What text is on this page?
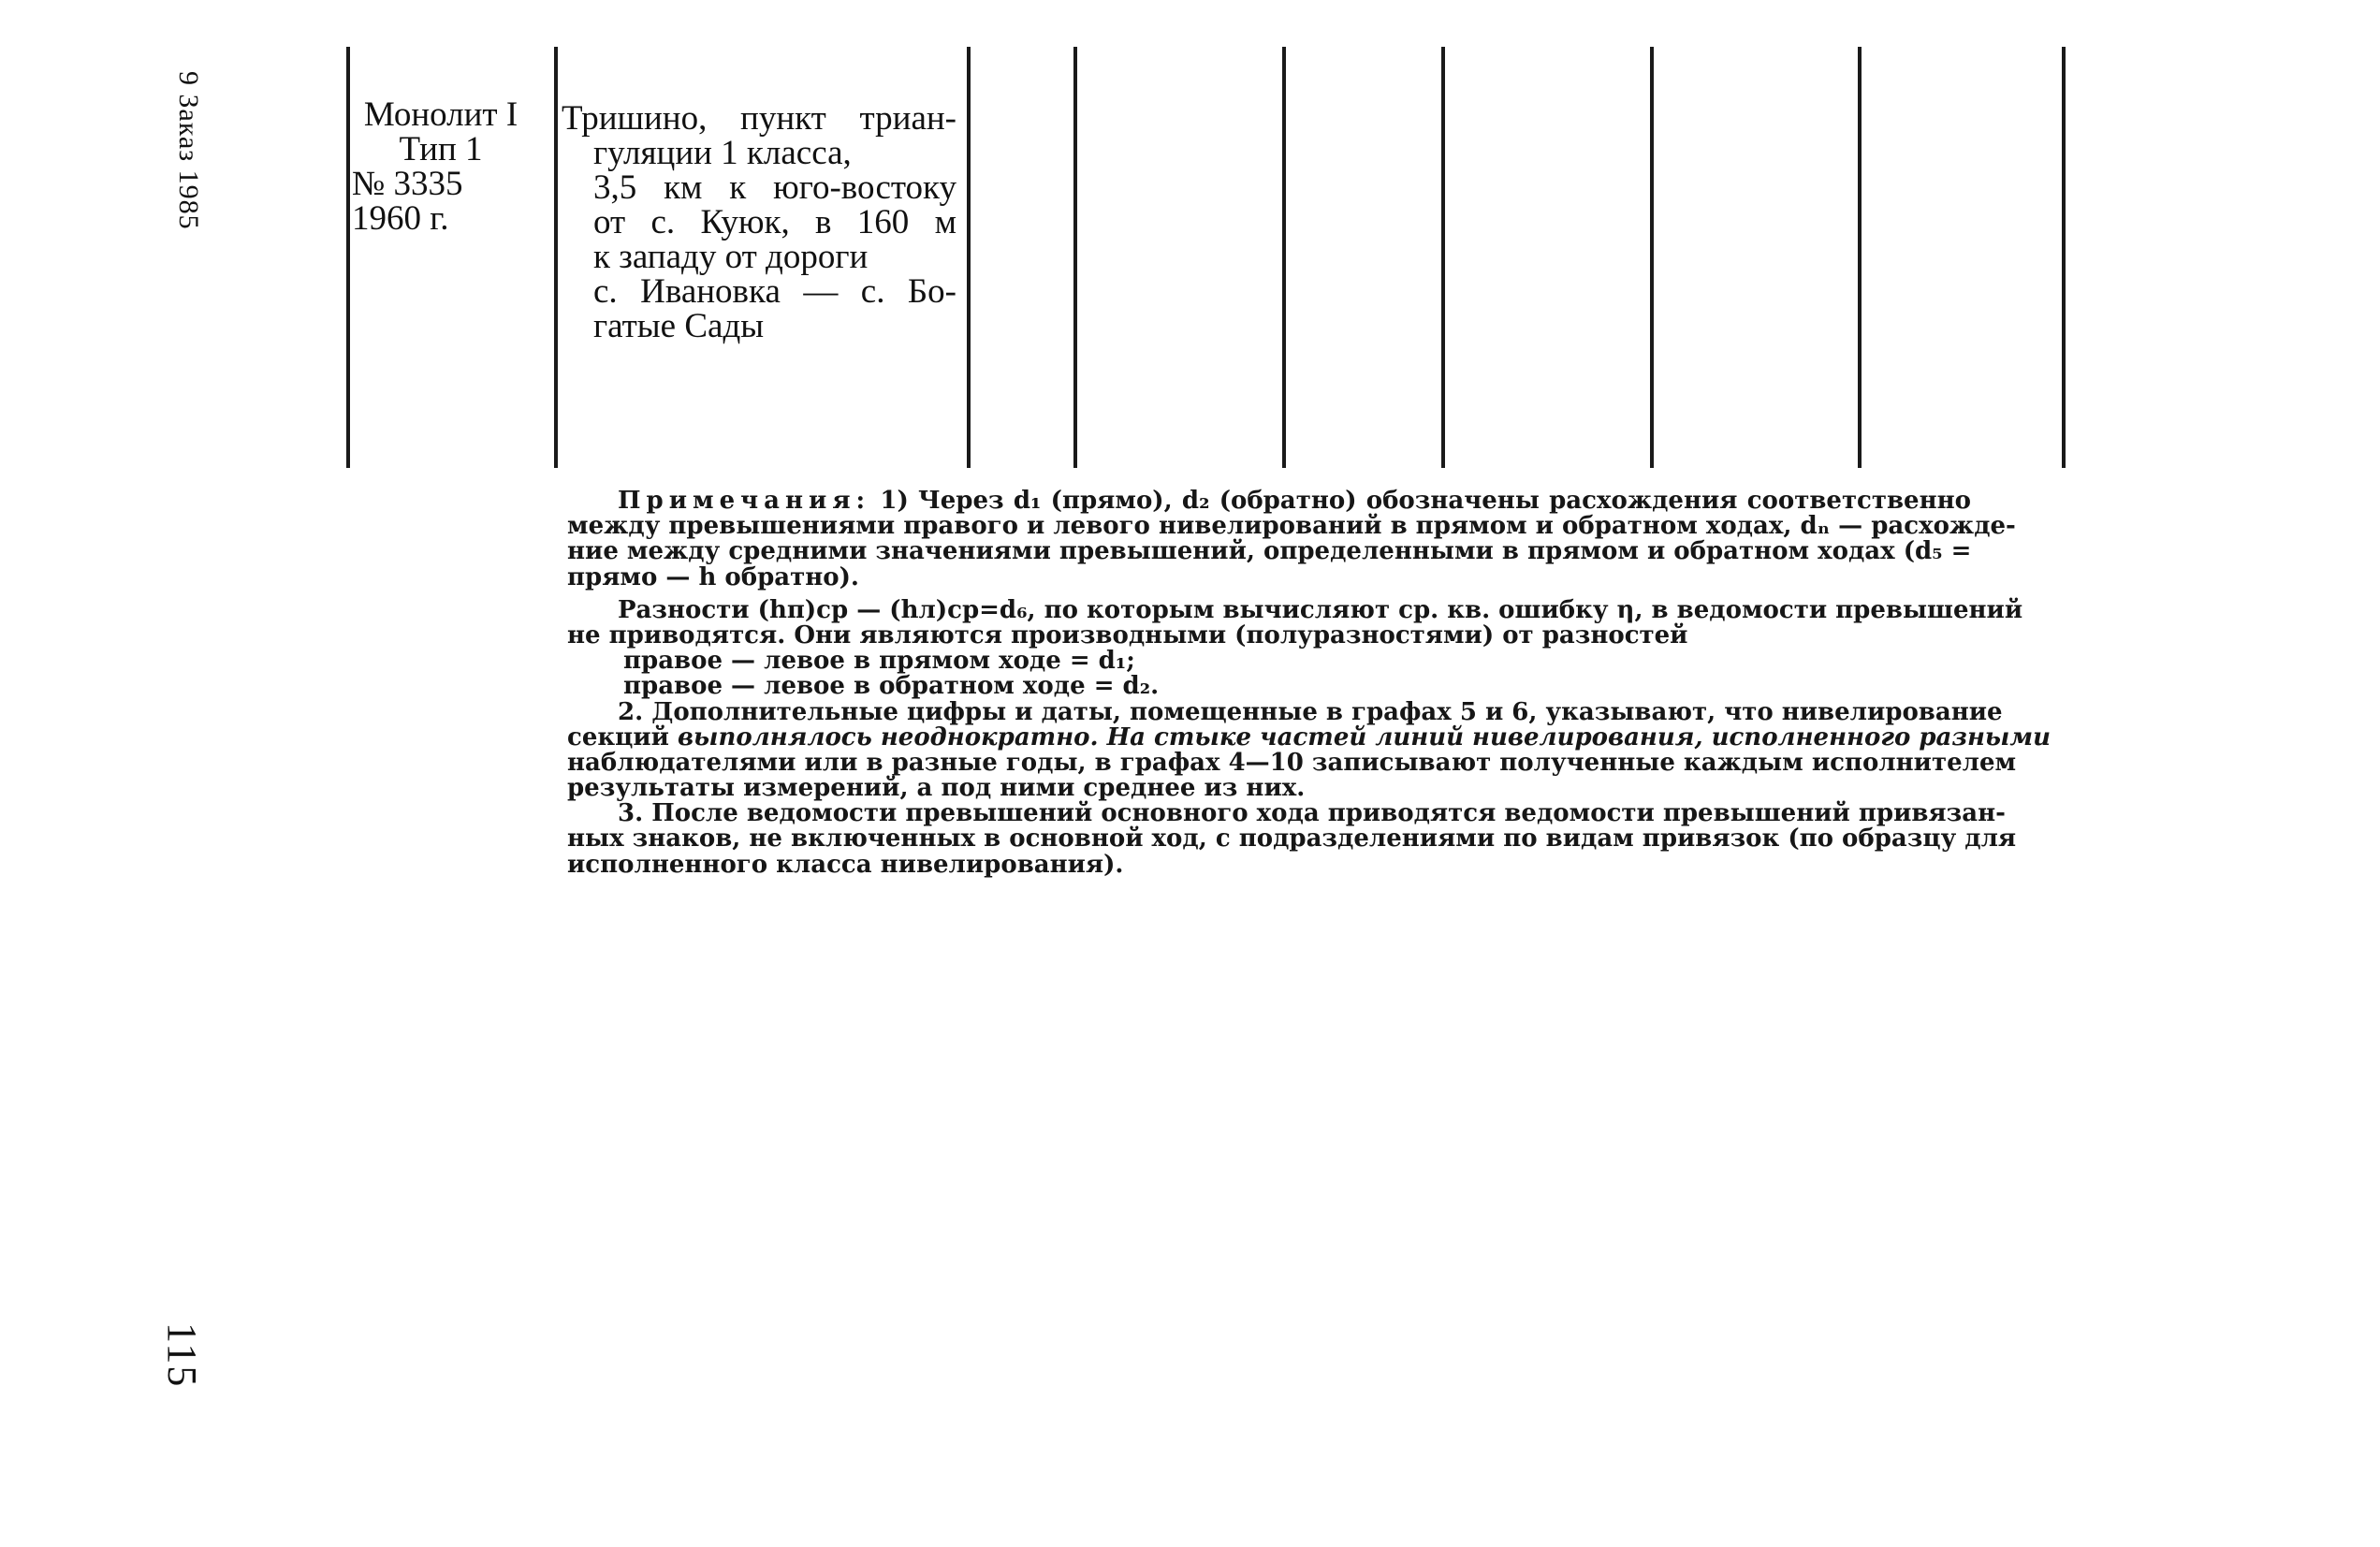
9 Заказ 1985
115
Монолит I
Тип 1
№ 3335
1960 г.
Тришино, пункт триан-
гуляции 1 класса,
3,5 км к юго-востоку
от с. Куюк, в 160 м
к западу от дороги
с. Ивановка — с. Бо-
гатые Сады
Примечания: 1) Через d₁ (прямо), d₂ (обратно) обозначены расхождения соответственно
между превышениями правого и левого нивелирований в прямом и обратном ходах, dₙ — расхожде-
ние между средними значениями превышений, определенными в прямом и обратном ходах (d₅ =
прямо — h обратно).
Разности (hп)ср — (hл)ср=d₆, по которым вычисляют ср. кв. ошибку η, в ведомости превышений
не приводятся. Они являются производными (полуразностями) от разностей
правое — левое в прямом ходе = d₁;
правое — левое в обратном ходе = d₂.
2. Дополнительные цифры и даты, помещенные в графах 5 и 6, указывают, что нивелирование
секций выполнялось неоднократно. На стыке частей линий нивелирования, исполненного разными
наблюдателями или в разные годы, в графах 4—10 записывают полученные каждым исполнителем
результаты измерений, а под ними среднее из них.
3. После ведомости превышений основного хода приводятся ведомости превышений привязан-
ных знаков, не включенных в основной ход, с подразделениями по видам привязок (по образцу для
исполненного класса нивелирования).
